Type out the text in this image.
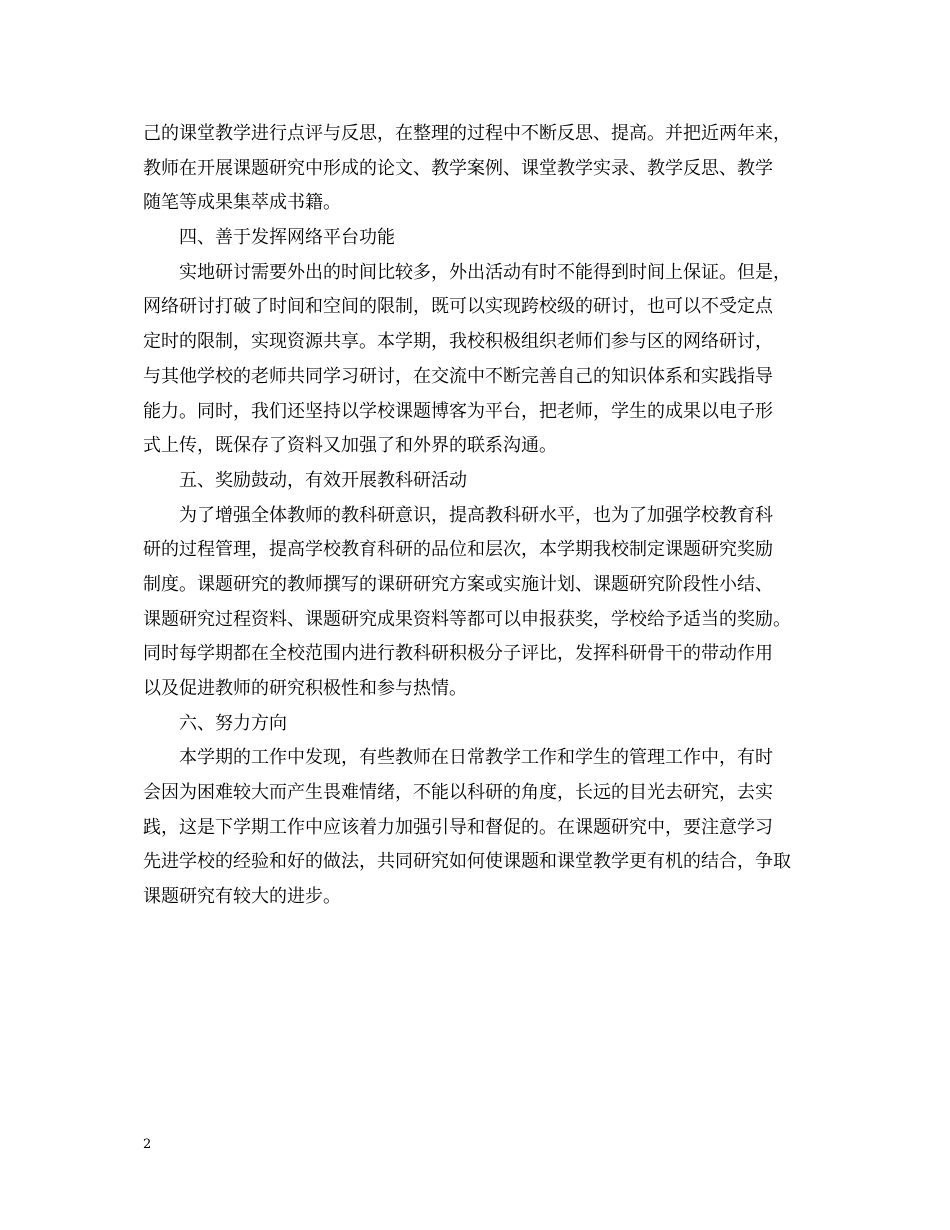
己的课堂教学进行点评与反思，在整理的过程中不断反思、提高。并把近两年来，
教师在开展课题研究中形成的论文、教学案例、课堂教学实录、教学反思、教学
随笔等成果集萃成书籍。
四、善于发挥网络平台功能
实地研讨需要外出的时间比较多，外出活动有时不能得到时间上保证。但是，
网络研讨打破了时间和空间的限制，既可以实现跨校级的研讨，也可以不受定点
定时的限制，实现资源共享。本学期，我校积极组织老师们参与区的网络研讨，
与其他学校的老师共同学习研讨，在交流中不断完善自己的知识体系和实践指导
能力。同时，我们还坚持以学校课题博客为平台，把老师，学生的成果以电子形
式上传，既保存了资料又加强了和外界的联系沟通。
五、奖励鼓动，有效开展教科研活动
为了增强全体教师的教科研意识，提高教科研水平，也为了加强学校教育科
研的过程管理，提高学校教育科研的品位和层次，本学期我校制定课题研究奖励
制度。课题研究的教师撰写的课研研究方案或实施计划、课题研究阶段性小结、
课题研究过程资料、课题研究成果资料等都可以申报获奖，学校给予适当的奖励。
同时每学期都在全校范围内进行教科研积极分子评比，发挥科研骨干的带动作用
以及促进教师的研究积极性和参与热情。
六、努力方向
本学期的工作中发现，有些教师在日常教学工作和学生的管理工作中，有时
会因为困难较大而产生畏难情绪，不能以科研的角度，长远的目光去研究，去实
践，这是下学期工作中应该着力加强引导和督促的。在课题研究中，要注意学习
先进学校的经验和好的做法，共同研究如何使课题和课堂教学更有机的结合，争取
课题研究有较大的进步。
2
